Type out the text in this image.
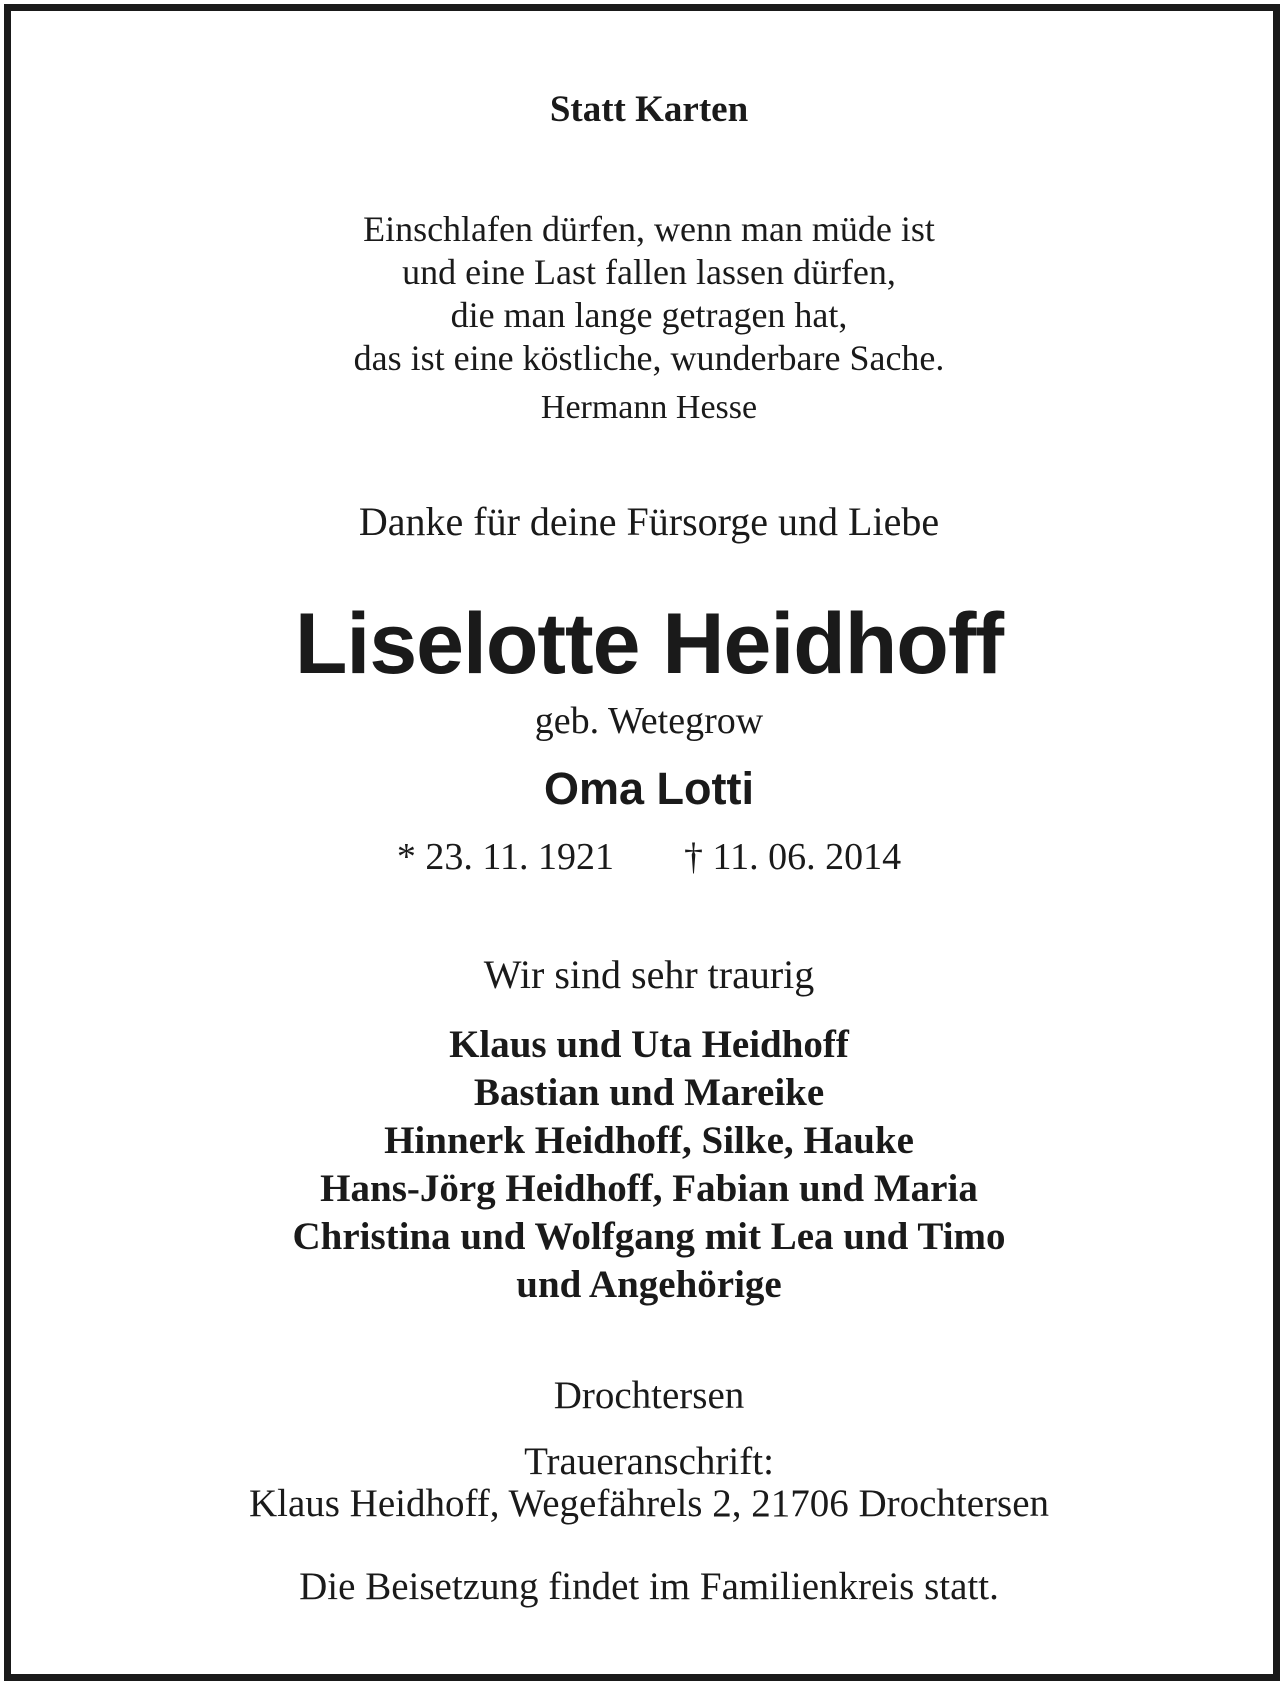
Statt Karten
Einschlafen dürfen, wenn man müde ist
und eine Last fallen lassen dürfen,
die man lange getragen hat,
das ist eine köstliche, wunderbare Sache.
Hermann Hesse
Danke für deine Fürsorge und Liebe
Liselotte Heidhoff
geb. Wetegrow
Oma Lotti
* 23. 11. 1921 † 11. 06. 2014
Wir sind sehr traurig
Klaus und Uta Heidhoff
Bastian und Mareike
Hinnerk Heidhoff, Silke, Hauke
Hans-Jörg Heidhoff, Fabian und Maria
Christina und Wolfgang mit Lea und Timo
und Angehörige
Drochtersen
Traueranschrift:
Klaus Heidhoff, Wegefährels 2, 21706 Drochtersen
Die Beisetzung findet im Familienkreis statt.
